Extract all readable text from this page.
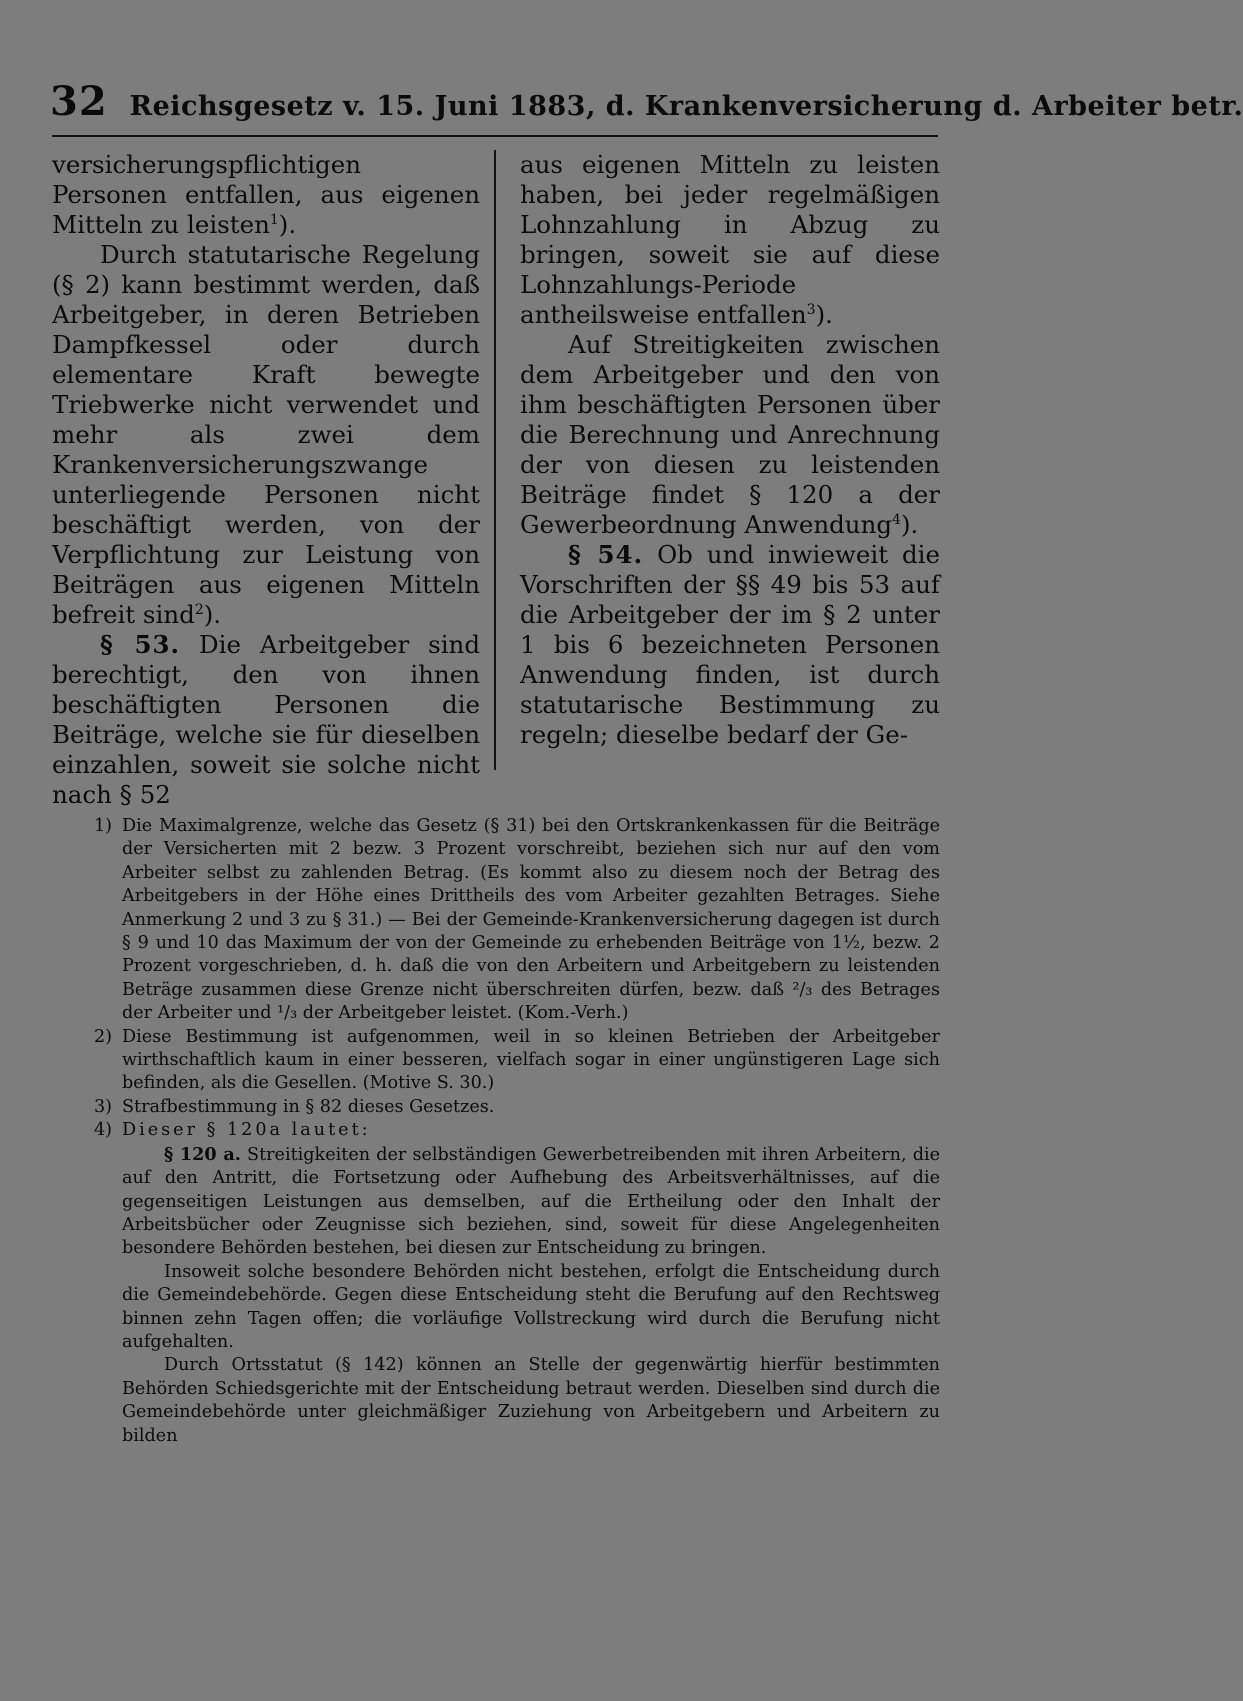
32 Reichsgesetz v. 15. Juni 1883, d. Krankenversicherung d. Arbeiter betr.

versicherungspflichtigen Personen entfallen, aus eigenen Mitteln zu leisten$^1$).

Durch statutarische Regelung (§ 2) kann bestimmt werden, daß Arbeitgeber, in deren Betrieben Dampfkessel oder durch elementare Kraft bewegte Triebwerke nicht verwendet und mehr als zwei dem Krankenversicherungszwange unterliegende Personen nicht beschäftigt werden, von der Verpflichtung zur Leistung von Beiträgen aus eigenen Mitteln befreit sind$^2$).

§ 53. Die Arbeitgeber sind berechtigt, den von ihnen beschäftigten Personen die Beiträge, welche sie für dieselben einzahlen, soweit sie solche nicht nach § 52

aus eigenen Mitteln zu leisten haben, bei jeder regelmäßigen Lohnzahlung in Abzug zu bringen, soweit sie auf diese Lohnzahlungs-Periode antheilsweise entfallen$^3$).

Auf Streitigkeiten zwischen dem Arbeitgeber und den von ihm beschäftigten Personen über die Berechnung und Anrechnung der von diesen zu leistenden Beiträge findet § 120 a der Gewerbeordnung Anwendung$^4$).

§ 54. Ob und inwieweit die Vorschriften der §§ 49 bis 53 auf die Arbeitgeber der im § 2 unter 1 bis 6 bezeichneten Personen Anwendung finden, ist durch statutarische Bestimmung zu regeln; dieselbe bedarf der Ge-

1) Die Maximalgrenze, welche das Gesetz (§ 31) bei den Ortskrankenkassen für die Beiträge der Versicherten mit 2 bezw. 3 Prozent vorschreibt, beziehen sich nur auf den vom Arbeiter selbst zu zahlenden Betrag. (Es kommt also zu diesem noch der Betrag des Arbeitgebers in der Höhe eines Drittheils des vom Arbeiter gezahlten Betrages. Siehe Anmerkung 2 und 3 zu § 31.) — Bei der Gemeinde-Krankenversicherung dagegen ist durch § 9 und 10 das Maximum der von der Gemeinde zu erhebenden Beiträge von 1½, bezw. 2 Prozent vorgeschrieben, d. h. daß die von den Arbeitern und Arbeitgebern zu leistenden Beträge zusammen diese Grenze nicht überschreiten dürfen, bezw. daß ²/₃ des Betrages der Arbeiter und ¹/₃ der Arbeitgeber leistet. (Kom.-Verh.)
2) Diese Bestimmung ist aufgenommen, weil in so kleinen Betrieben der Arbeitgeber wirthschaftlich kaum in einer besseren, vielfach sogar in einer ungünstigeren Lage sich befinden, als die Gesellen. (Motive S. 30.)
3) Strafbestimmung in § 82 dieses Gesetzes.
4) Dieser § 120a lautet:

§ 120 a. Streitigkeiten der selbständigen Gewerbetreibenden mit ihren Arbeitern, die auf den Antritt, die Fortsetzung oder Aufhebung des Arbeitsverhältnisses, auf die gegenseitigen Leistungen aus demselben, auf die Ertheilung oder den Inhalt der Arbeitsbücher oder Zeugnisse sich beziehen, sind, soweit für diese Angelegenheiten besondere Behörden bestehen, bei diesen zur Entscheidung zu bringen.

Insoweit solche besondere Behörden nicht bestehen, erfolgt die Entscheidung durch die Gemeindebehörde. Gegen diese Entscheidung steht die Berufung auf den Rechtsweg binnen zehn Tagen offen; die vorläufige Vollstreckung wird durch die Berufung nicht aufgehalten.

Durch Ortsstatut (§ 142) können an Stelle der gegenwärtig hierfür bestimmten Behörden Schiedsgerichte mit der Entscheidung betraut werden. Dieselben sind durch die Gemeindebehörde unter gleichmäßiger Zuziehung von Arbeitgebern und Arbeitern zu bilden
